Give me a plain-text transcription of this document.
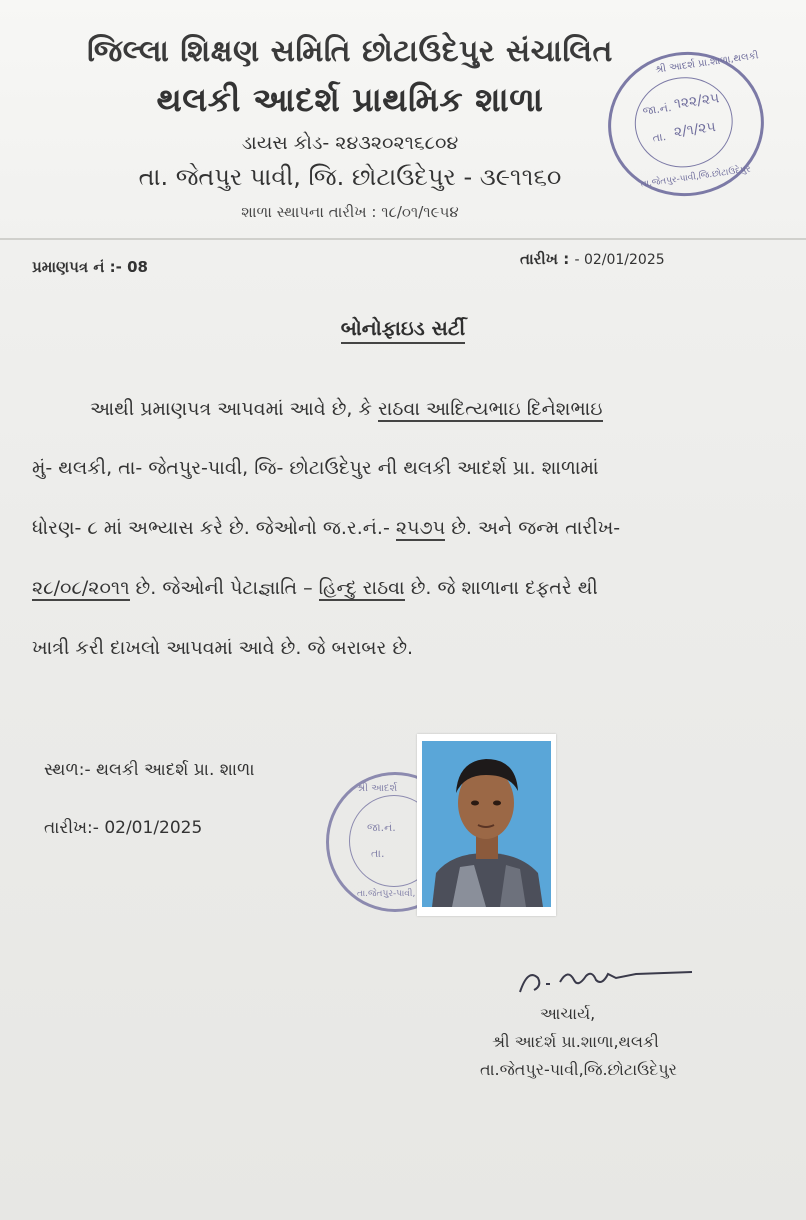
જિલ્લા શિક્ષણ સમિતિ છોટાઉદેપુર સંચાલિત
થલકી આદર્શ પ્રાથમિક શાળા
ડાયસ કોડ- ૨૪૩૨૦૨૧૬૮૦૪
તા. જેતપુર પાવી, જિ. છોટાઉદેપુર - ૩૯૧૧૬૦
શાળા સ્થાપના તારીખ : ૧૮/૦૧/૧૯૫૪
શ્રી આદર્શ પ્રા.શાળા,થલકી
તા.જેતપુર-પાવી,જિ.છોટાઉદેપુર
જા.નં. ૧૨૨/૨૫
તા. ૨/૧/૨૫
પ્રમાણપત્ર નં :- 08	તારીખ : - 02/01/2025
બોનોફાઇડ સર્ટી
આથી પ્રમાણપત્ર આપવમાં આવે છે, કે રાઠવા આદિત્યભાઇ દિનેશભાઇ
મું- થલકી, તા- જેતપુર-પાવી, જિ- છોટાઉદેપુર ની થલકી આદર્શ પ્રા. શાળામાં
ધોરણ- ૮ માં અભ્યાસ કરે છે. જેઓનો જ.ર.નં.- ૨૫૭૫ છે. અને જન્મ તારીખ-
૨૮/૦૮/૨૦૧૧ છે. જેઓની પેટાજ્ઞાતિ – હિન્દુ રાઠવા છે. જે શાળાના દફતરે થી
ખાત્રી કરી દાખલો આપવમાં આવે છે. જે બરાબર છે.
સ્થળ:- થલકી આદર્શ પ્રા. શાળા
તારીખ:- 02/01/2025
શ્રી આદર્શ
તા.જેતપુર-પાવી,
જા.નં.
તા.
આચાર્ય,
શ્રી આદર્શ પ્રા.શાળા,થલકી
તા.જેતપુર-પાવી,જિ.છોટાઉદેપુર
